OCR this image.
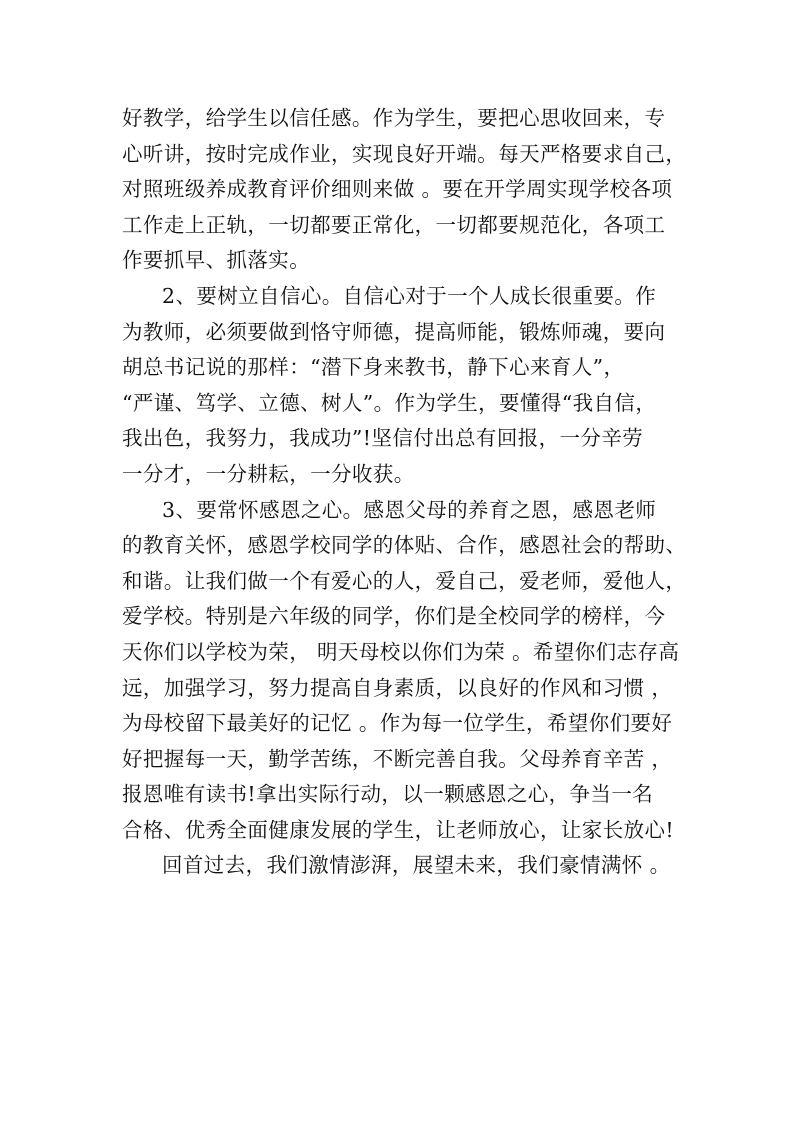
好教学，给学生以信任感。作为学生，要把心思收回来，专
心听讲，按时完成作业，实现良好开端。每天严格要求自己，
对照班级养成教育评价细则来做 。要在开学周实现学校各项
工作走上正轨，一切都要正常化，一切都要规范化，各项工
作要抓早、抓落实。
2、要树立自信心。自信心对于一个人成长很重要。作
为教师，必须要做到恪守师德，提高师能，锻炼师魂，要向
胡总书记说的那样：“潜下身来教书，静下心来育人”，
“严谨、笃学、立德、树人”。作为学生，要懂得“我自信，
我出色，我努力，我成功”!坚信付出总有回报，一分辛劳
一分才，一分耕耘，一分收获。
3、要常怀感恩之心。感恩父母的养育之恩，感恩老师
的教育关怀，感恩学校同学的体贴、合作，感恩社会的帮助、
和谐。让我们做一个有爱心的人，爱自己，爱老师，爱他人，
爱学校。特别是六年级的同学，你们是全校同学的榜样，今
天你们以学校为荣， 明天母校以你们为荣 。希望你们志存高
远，加强学习，努力提高自身素质，以良好的作风和习惯 ，
为母校留下最美好的记忆 。作为每一位学生，希望你们要好
好把握每一天，勤学苦练，不断完善自我。父母养育辛苦 ，
报恩唯有读书!拿出实际行动，以一颗感恩之心，争当一名
合格、优秀全面健康发展的学生，让老师放心，让家长放心!
回首过去，我们激情澎湃，展望未来，我们豪情满怀 。
